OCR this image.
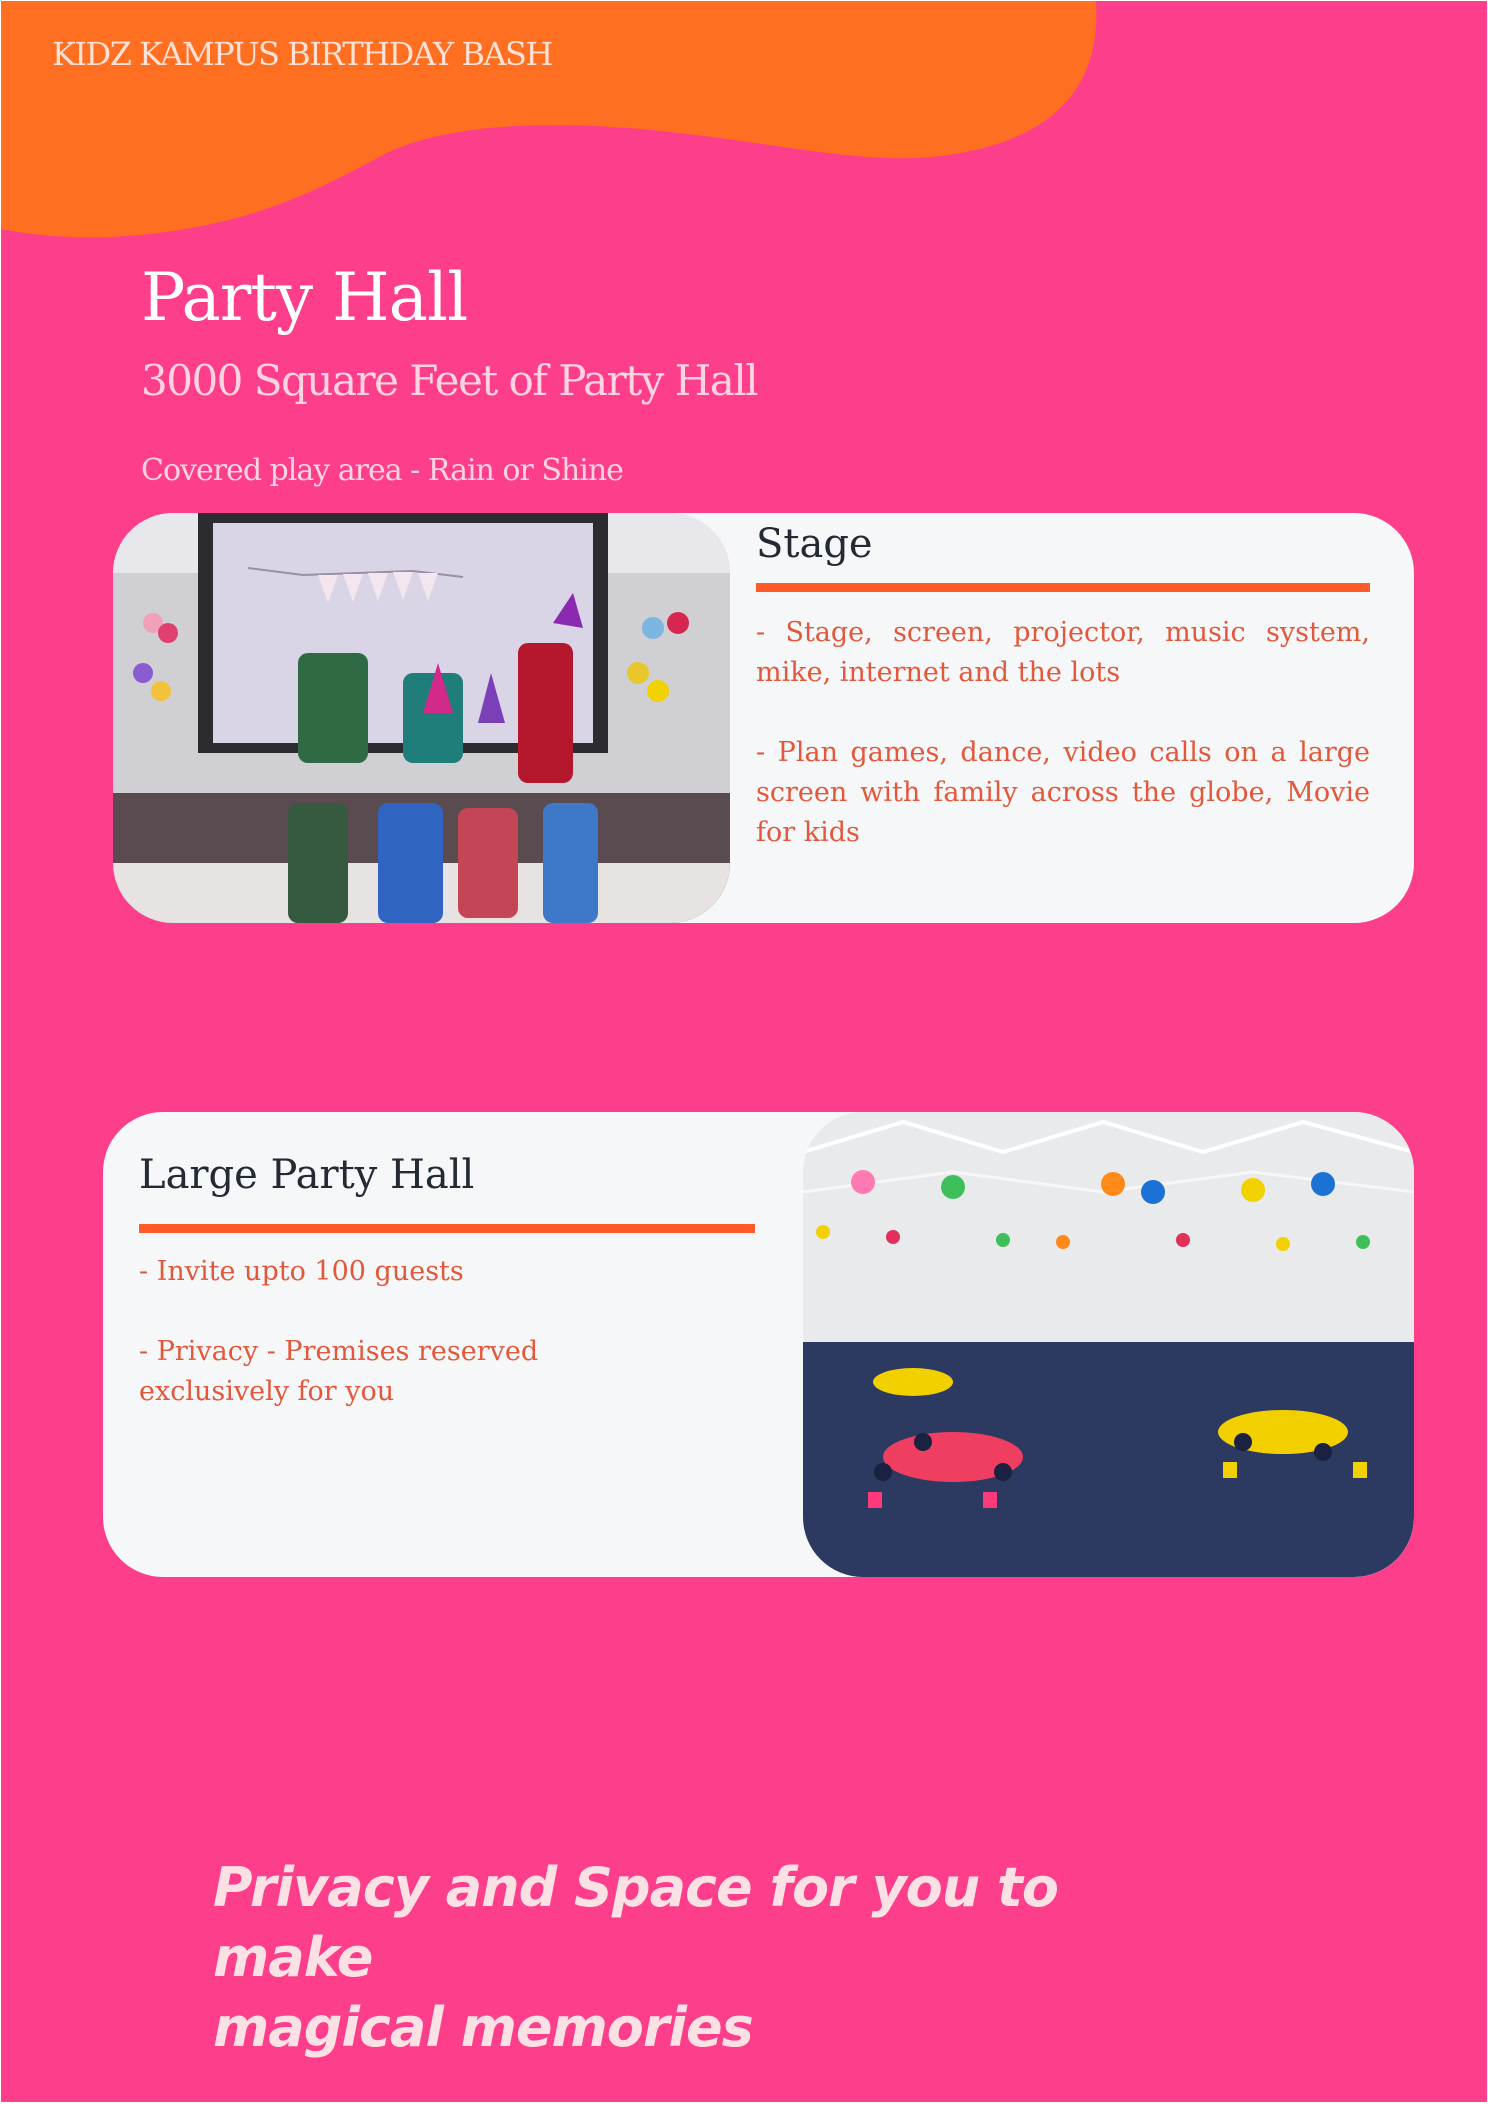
KIDZ KAMPUS BIRTHDAY BASH
Party Hall
3000 Square Feet of Party Hall
Covered play area - Rain or Shine
Stage

- Stage, screen, projector, music system, mike, internet and the lots

- Plan games, dance, video calls on a large screen with family across the globe, Movie for kids

Large Party Hall

- Invite upto 100 guests

- Privacy - Premises reserved exclusively for you

Privacy and Space for you to make
magical memories
